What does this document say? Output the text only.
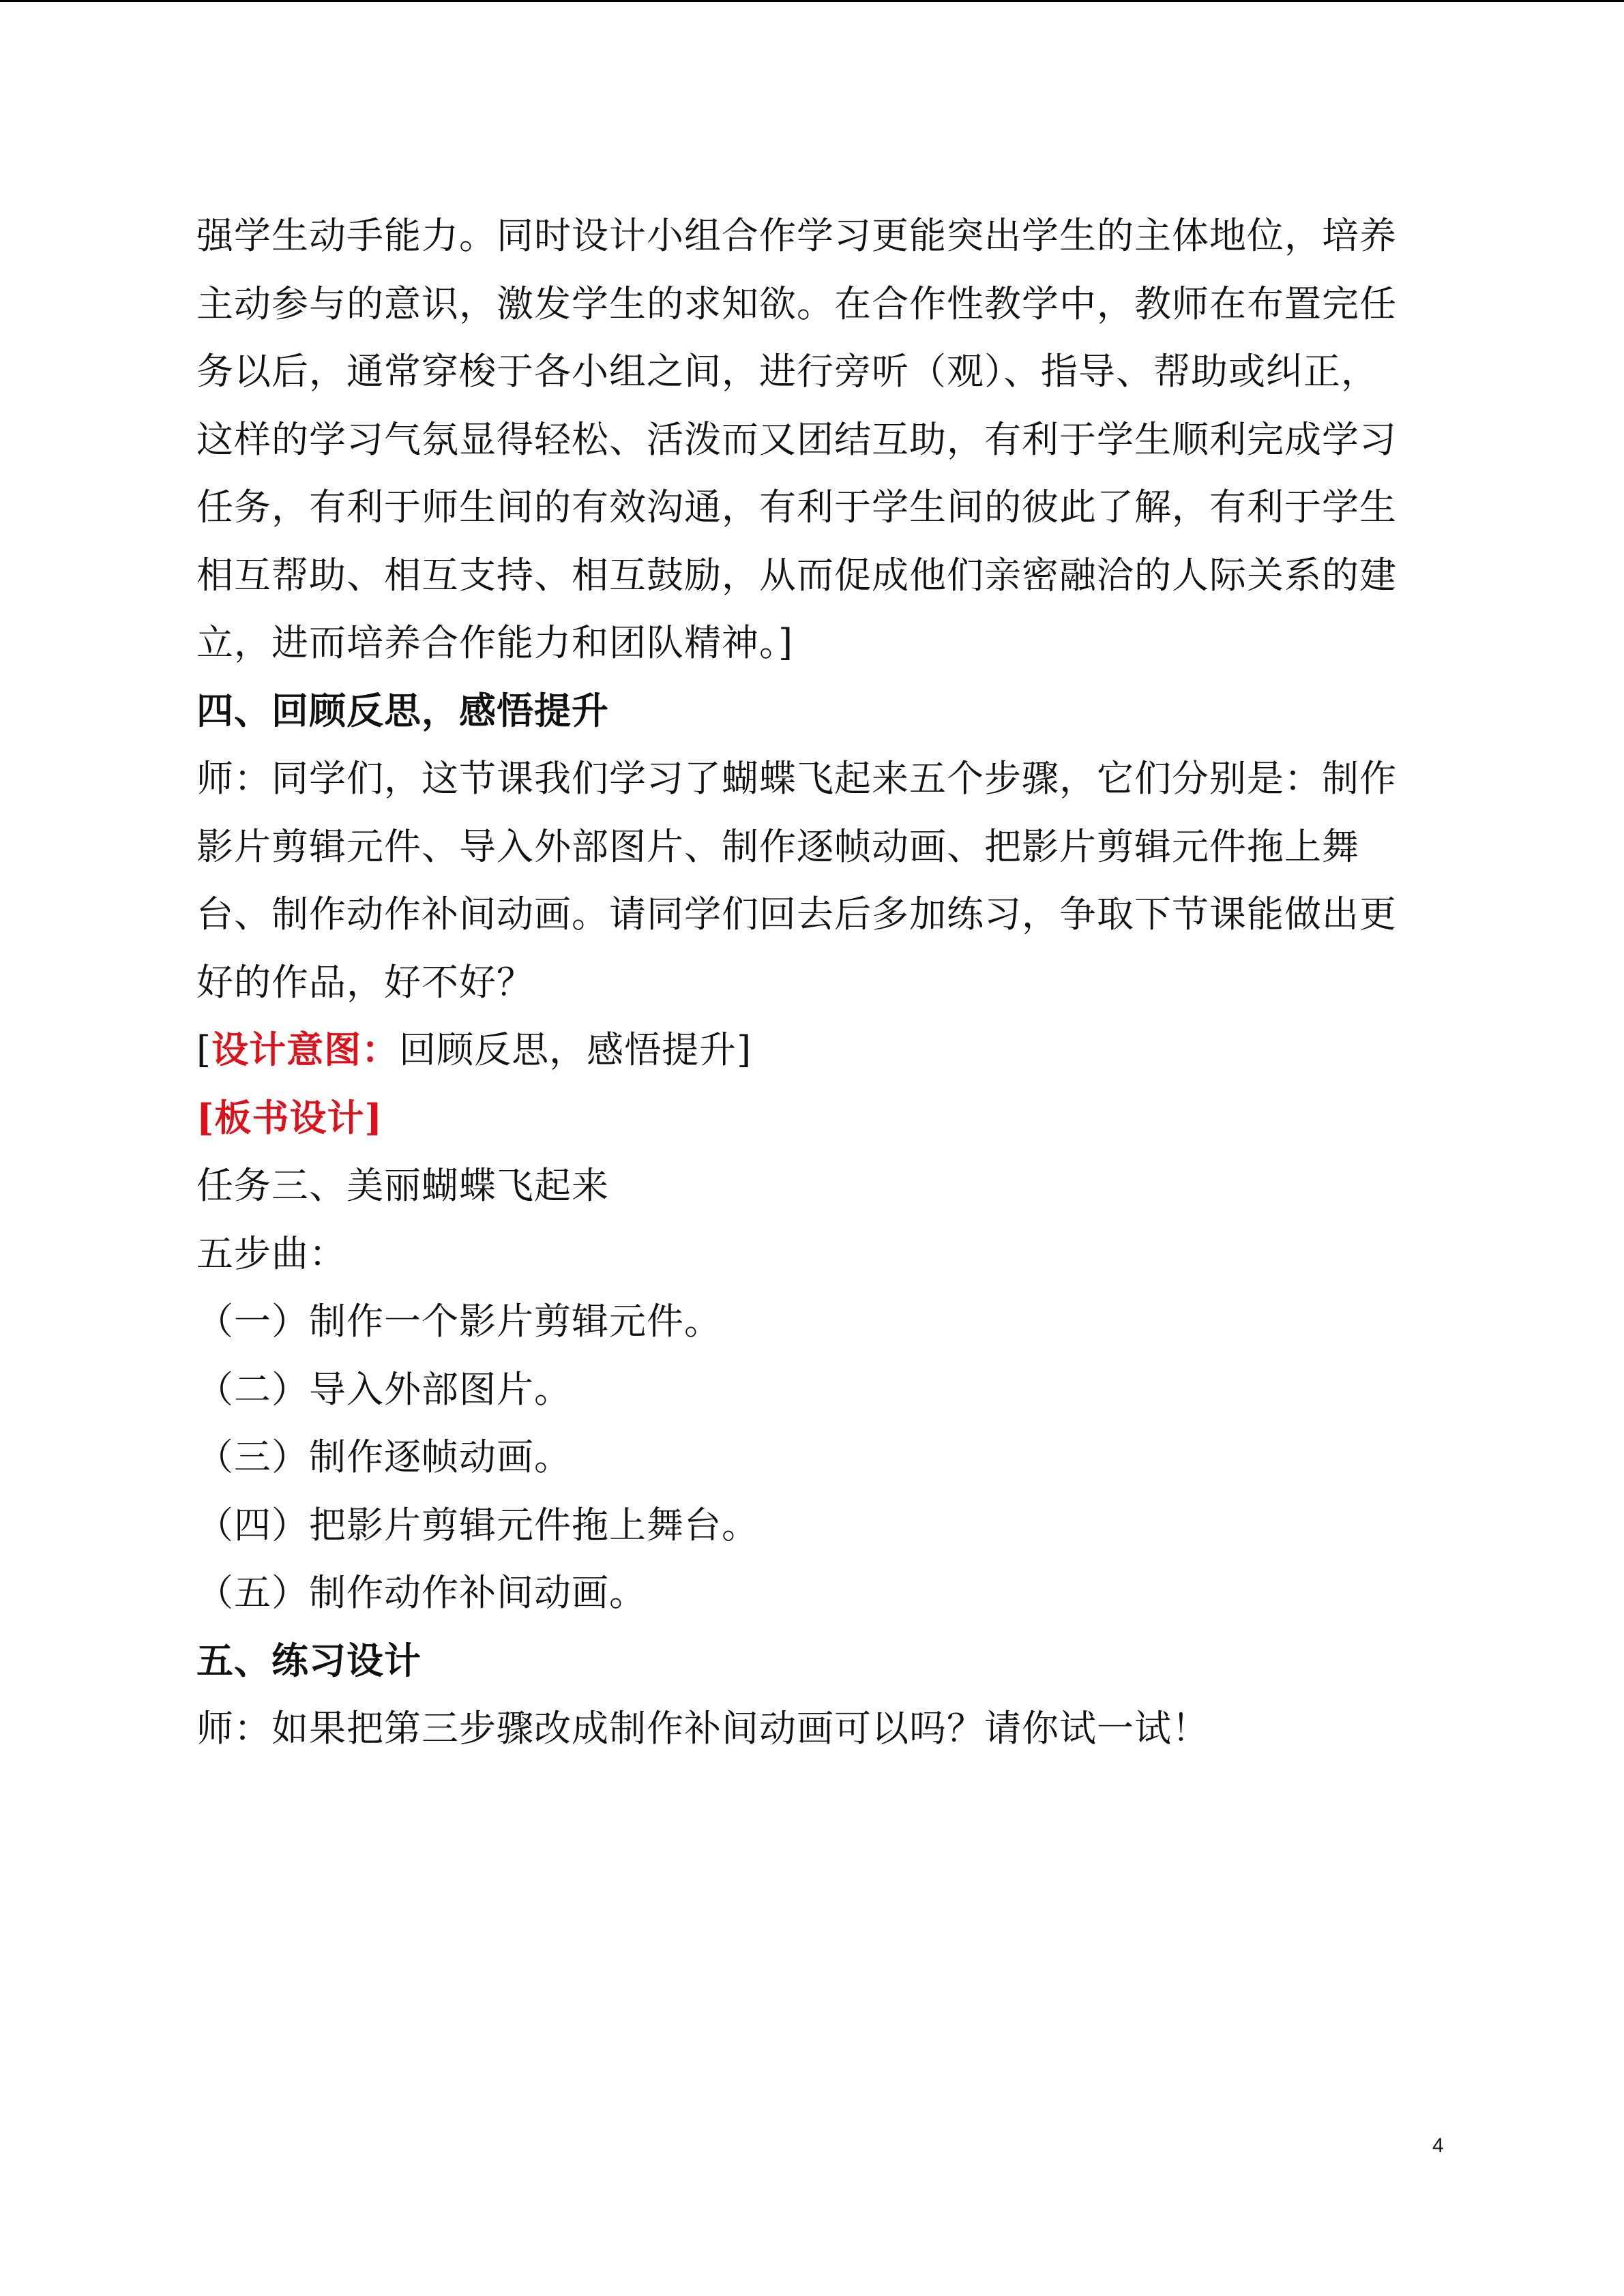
强学生动手能力。同时设计小组合作学习更能突出学生的主体地位，培养
主动参与的意识，激发学生的求知欲。在合作性教学中，教师在布置完任
务以后，通常穿梭于各小组之间，进行旁听（观）、指导、帮助或纠正，
这样的学习气氛显得轻松、活泼而又团结互助，有利于学生顺利完成学习
任务，有利于师生间的有效沟通，有利于学生间的彼此了解，有利于学生
相互帮助、相互支持、相互鼓励，从而促成他们亲密融洽的人际关系的建
立，进而培养合作能力和团队精神。]
四、回顾反思，感悟提升
师：同学们，这节课我们学习了蝴蝶飞起来五个步骤，它们分别是：制作
影片剪辑元件、导入外部图片、制作逐帧动画、把影片剪辑元件拖上舞
台、制作动作补间动画。请同学们回去后多加练习，争取下节课能做出更
好的作品，好不好？
[设计意图：回顾反思，感悟提升]
[板书设计]
任务三、美丽蝴蝶飞起来
五步曲：
（一）制作一个影片剪辑元件。
（二）导入外部图片。
（三）制作逐帧动画。
（四）把影片剪辑元件拖上舞台。
（五）制作动作补间动画。
五、练习设计
师：如果把第三步骤改成制作补间动画可以吗？请你试一试！
4
